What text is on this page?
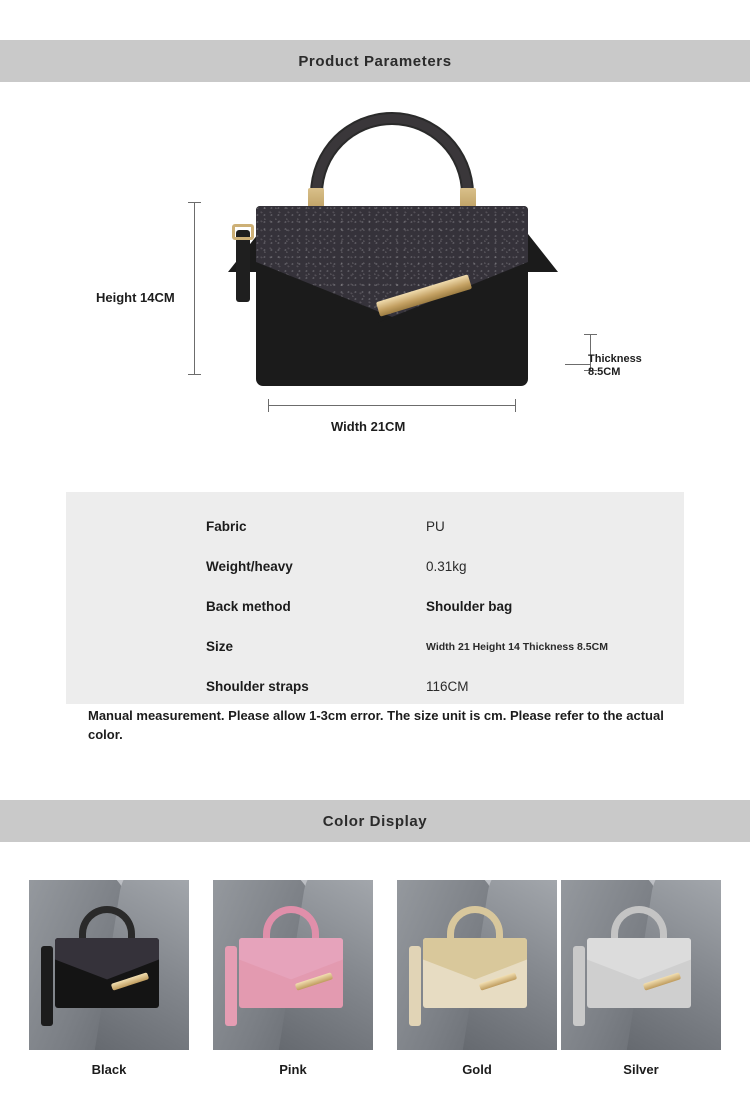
Product Parameters
Height 14CM
Width 21CM
Thickness
8.5CM
Fabric	PU
Weight/heavy	0.31kg
Back method	Shoulder bag
Size	Width 21 Height 14 Thickness 8.5CM
Shoulder straps	116CM
Manual measurement. Please allow 1-3cm error. The size unit is cm. Please refer to the actual color.
Color Display
Black	Pink	Gold	Silver
